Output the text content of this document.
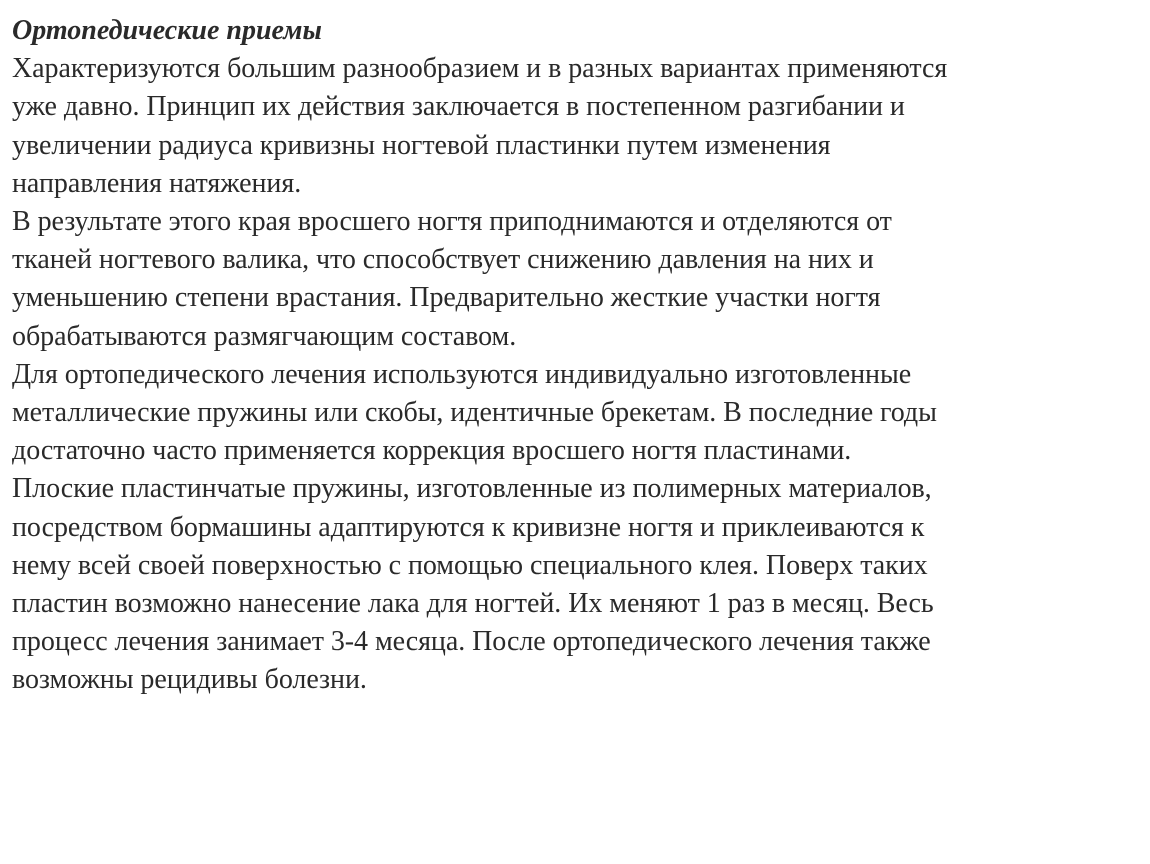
Ортопедические приемы

Характеризуются большим разнообразием и в разных вариантах применяются

уже давно. Принцип их действия заключается в постепенном разгибании и

увеличении радиуса кривизны ногтевой пластинки путем изменения

направления натяжения.

В результате этого края вросшего ногтя приподнимаются и отделяются от

тканей ногтевого валика, что способствует снижению давления на них и

уменьшению степени врастания. Предварительно жесткие участки ногтя

обрабатываются размягчающим составом.

Для ортопедического лечения используются индивидуально изготовленные

металлические пружины или скобы, идентичные брекетам. В последние годы

достаточно часто применяется коррекция вросшего ногтя пластинами.

Плоские пластинчатые пружины, изготовленные из полимерных материалов,

посредством бормашины адаптируются к кривизне ногтя и приклеиваются к

нему всей своей поверхностью с помощью специального клея. Поверх таких

пластин возможно нанесение лака для ногтей. Их меняют 1 раз в месяц. Весь

процесс лечения занимает 3-4 месяца. После ортопедического лечения также

возможны рецидивы болезни.
